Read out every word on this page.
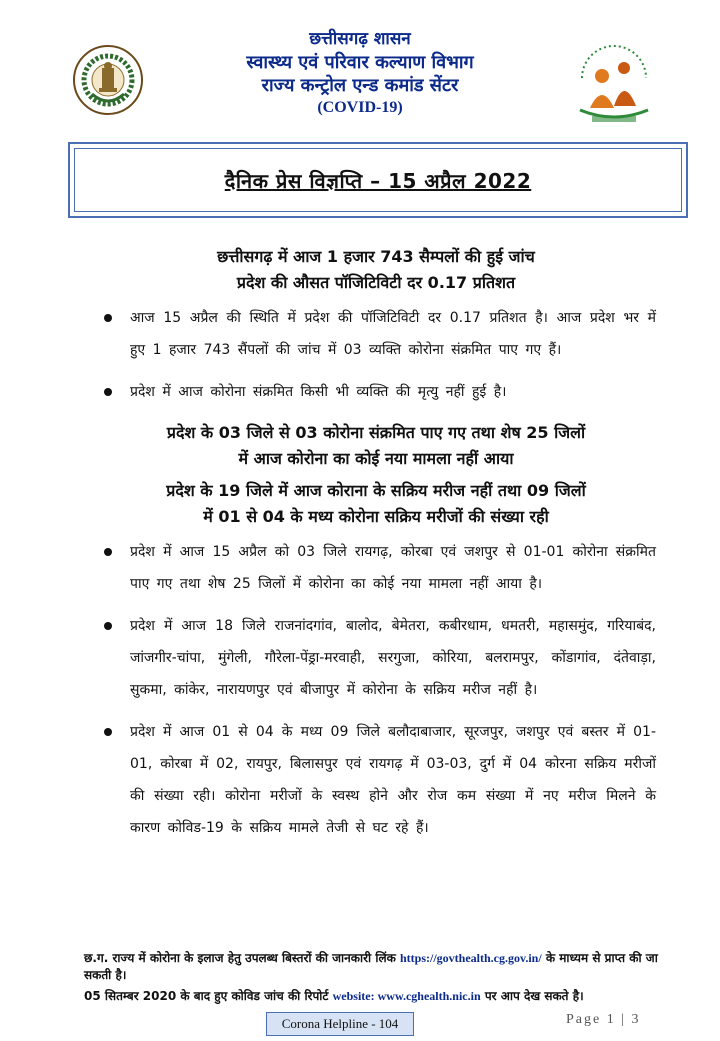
छत्तीसगढ़ शासन
स्वास्थ्य एवं परिवार कल्याण विभाग
राज्य कन्ट्रोल एन्ड कमांड सेंटर
(COVID-19)
दैनिक प्रेस विज्ञप्ति – 15 अप्रैल 2022

छत्तीसगढ़ में आज 1 हजार 743 सैम्पलों की हुई जांच

प्रदेश की औसत पॉजिटिविटी दर 0.17 प्रतिशत

आज 15 अप्रैल की स्थिति में प्रदेश की पॉजिटिविटी दर 0.17 प्रतिशत है। आज प्रदेश भर में हुए 1 हजार 743 सैंपलों की जांच में 03 व्यक्ति कोरोना संक्रमित पाए गए हैं।
प्रदेश में आज कोरोना संक्रमित किसी भी व्यक्ति की मृत्यु नहीं हुई है।

प्रदेश के 03 जिले से 03 कोरोना संक्रमित पाए गए तथा शेष 25 जिलों

में आज कोरोना का कोई नया मामला नहीं आया

प्रदेश के 19 जिले में आज कोराना के सक्रिय मरीज नहीं तथा 09 जिलों

में 01 से 04 के मध्य कोरोना सक्रिय मरीजों की संख्या रही

प्रदेश में आज 15 अप्रैल को 03 जिले रायगढ़, कोरबा एवं जशपुर से 01-01 कोरोना संक्रमित पाए गए तथा शेष 25 जिलों में कोरोना का कोई नया मामला नहीं आया है।
प्रदेश में आज 18 जिले राजनांदगांव, बालोद, बेमेतरा, कबीरधाम, धमतरी, महासमुंद, गरियाबंद, जांजगीर-चांपा, मुंगेली, गौरेला-पेंड्रा-मरवाही, सरगुजा, कोरिया, बलरामपुर, कोंडागांव, दंतेवाड़ा, सुकमा, कांकेर, नारायणपुर एवं बीजापुर में कोरोना के सक्रिय मरीज नहीं है।
प्रदेश में आज 01 से 04 के मध्य 09 जिले बलौदाबाजार, सूरजपुर, जशपुर एवं बस्तर में 01-01, कोरबा में 02, रायपुर, बिलासपुर एवं रायगढ़ में 03-03, दुर्ग में 04 कोरना सक्रिय मरीजों की संख्या रही। कोरोना मरीजों के स्वस्थ होने और रोज कम संख्या में नए मरीज मिलने के कारण कोविड-19 के सक्रिय मामले तेजी से घट रहे हैं।

छ.ग. राज्य में कोरोना के इलाज हेतु उपलब्ध बिस्तरों की जानकारी लिंक https://govthealth.cg.gov.in/ के माध्यम से प्राप्त की जा सकती है।

05 सितम्बर 2020 के बाद हुए कोविड जांच की रिपोर्ट website: www.cghealth.nic.in पर आप देख सकते है।

Corona Helpline - 104	Page 1 | 3
